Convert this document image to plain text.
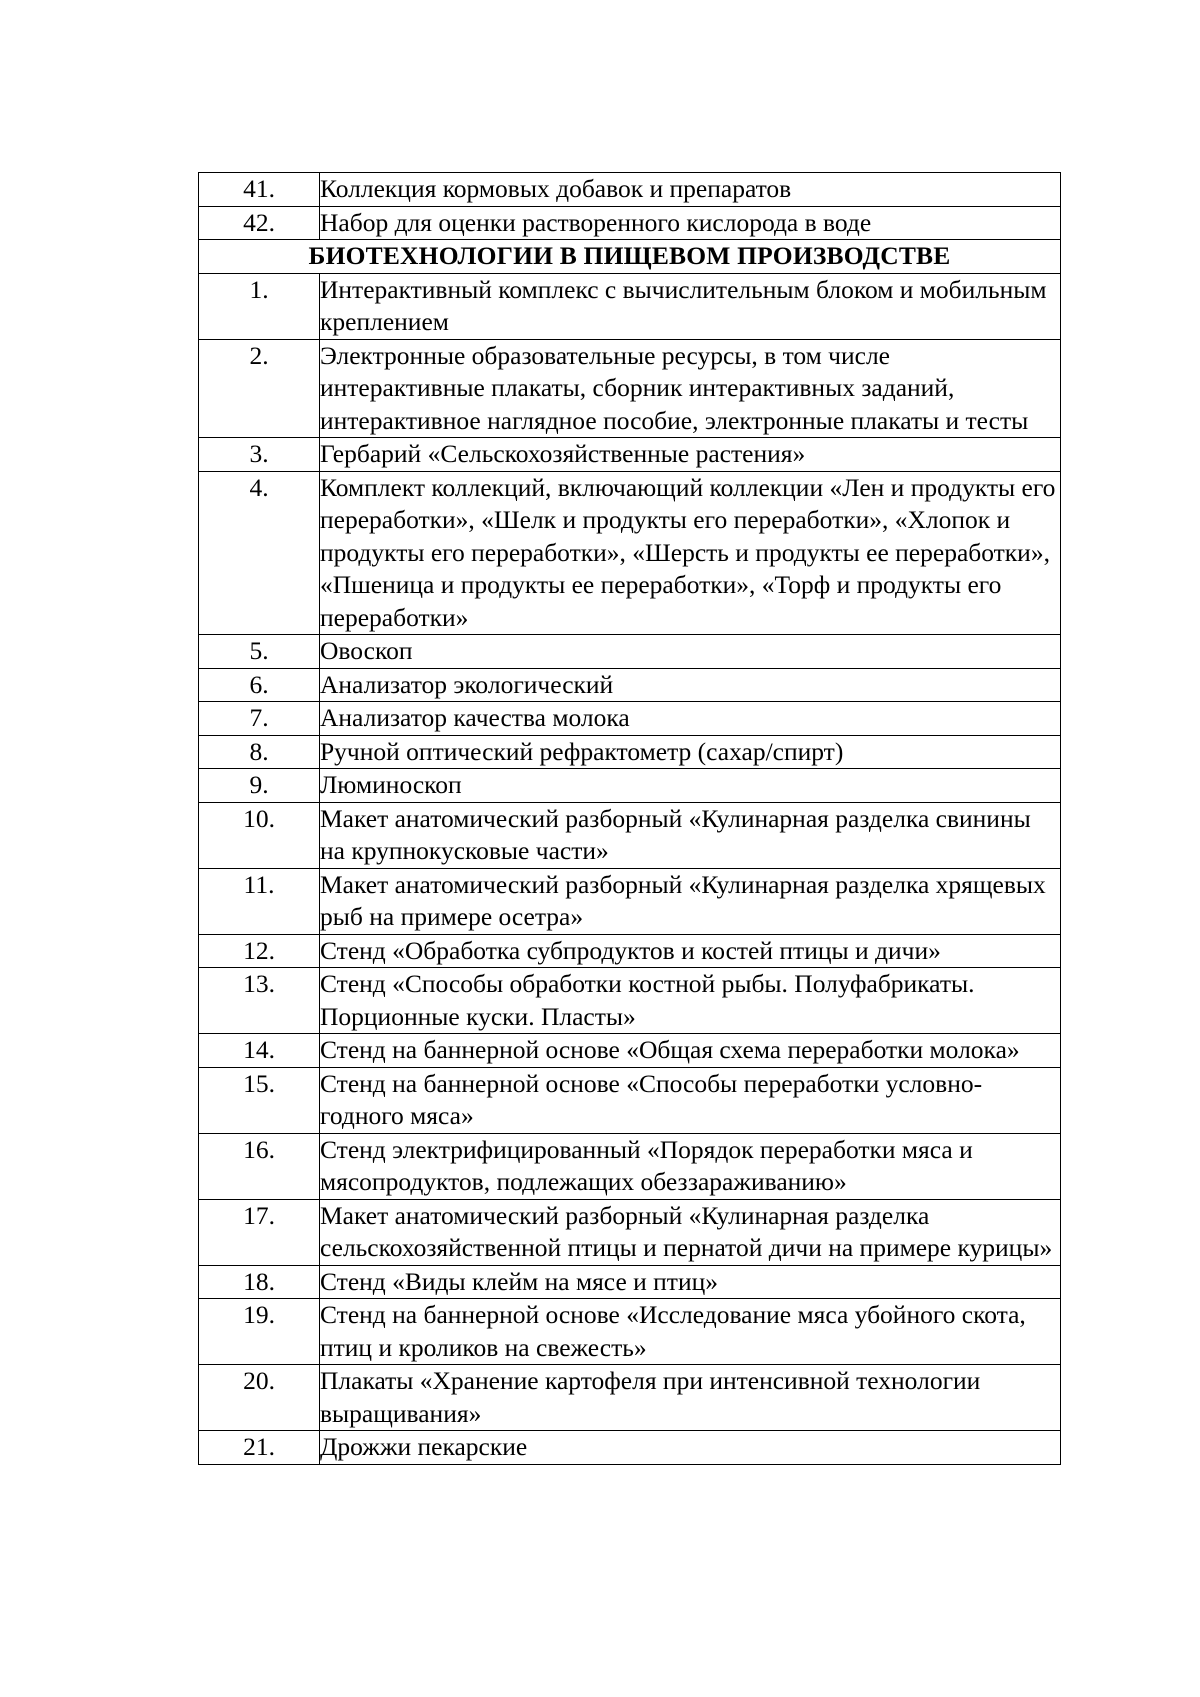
41.	Коллекция кормовых добавок и препаратов
42.	Набор для оценки растворенного кислорода в воде
БИОТЕХНОЛОГИИ В ПИЩЕВОМ ПРОИЗВОДСТВЕ	
1.	Интерактивный комплекс с вычислительным блоком и мобильным креплением
2.	Электронные образовательные ресурсы, в том числе интерактивные плакаты, сборник интерактивных заданий, интерактивное наглядное пособие, электронные плакаты и тесты
3.	Гербарий «Сельскохозяйственные растения»
4.	Комплект коллекций, включающий коллекции «Лен и продукты его переработки», «Шелк и продукты его переработки», «Хлопок и продукты его переработки», «Шерсть и продукты ее переработки», «Пшеница и продукты ее переработки», «Торф и продукты его переработки»
5.	Овоскоп
6.	Анализатор экологический
7.	Анализатор качества молока
8.	Ручной оптический рефрактометр (сахар/спирт)
9.	Люминоскоп
10.	Макет анатомический разборный «Кулинарная разделка свинины на крупнокусковые части»
11.	Макет анатомический разборный «Кулинарная разделка хрящевых рыб на примере осетра»
12.	Стенд «Обработка субпродуктов и костей птицы и дичи»
13.	Стенд «Способы обработки костной рыбы. Полуфабрикаты. Порционные куски. Пласты»
14.	Стенд на баннерной основе «Общая схема переработки молока»
15.	Стенд на баннерной основе «Способы переработки условно-годного мяса»
16.	Стенд электрифицированный «Порядок переработки мяса и мясопродуктов, подлежащих обеззараживанию»
17.	Макет анатомический разборный «Кулинарная разделка сельскохозяйственной птицы и пернатой дичи на примере курицы»
18.	Стенд «Виды клейм на мясе и птиц»
19.	Стенд на баннерной основе «Исследование мяса убойного скота, птиц и кроликов на свежесть»
20.	Плакаты «Хранение картофеля при интенсивной технологии выращивания»
21.	Дрожжи пекарские
